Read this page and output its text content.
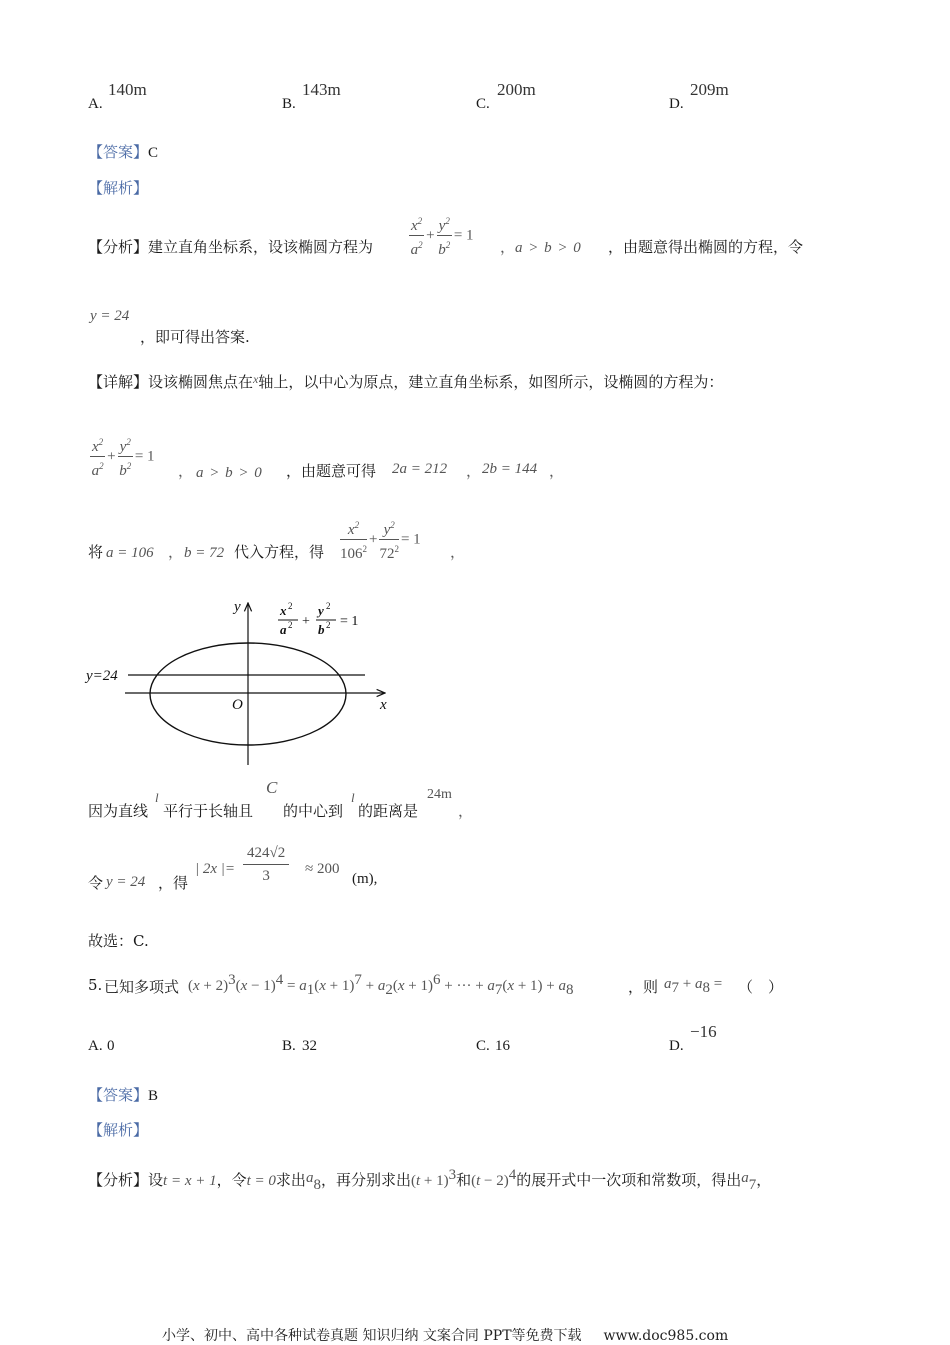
A.
140m
B.
143m
C.
200m
D.
209m
【答案】C
【解析】
【分析】建立直角坐标系，设该椭圆方程为 $\frac{x^2}{a^2} + \frac{y^2}{b^2} = 1$
， a > b > 0 ，由题意得出椭圆的方程，令
y = 24
，即可得出答案.
【详解】设该椭圆焦点在$^x$轴上，以中心为原点，建立直角坐标系，如图所示，设椭圆的方程为：
$\frac{x^2}{a^2} + \frac{y^2}{b^2} = 1$
， a > b > 0 ，由题意可得 2a = 212 ， 2b = 144 ，
将 a = 106 ， b = 72 代入方程，得 $\frac{x^2}{106^2} + \frac{y^2}{72^2} = 1$
，
y
x
O
y=24
x 2
a 2 +
y 2
b 2 = 1
因为直线
l
平行于长轴且
C
的中心到
l
的距离是
24m
，
令 y = 24 ，得
| 2x |= $\frac{424√2}{3} \approx 200$
(m),
故选：C.
5. 已知多项式 $(x + 2)^3(x - 1)^4 = a_1(x + 1)^7 + a_2(x + 1)^6$ + ··· + $a_7(x + 1) + a_8$	，则 $a_7 + a_8$ = （　）
A. 0	B. 32	C. 16	D.
−16
【答案】B
【解析】
【分析】设t = x + 1，令t = 0求出$a_8$，再分别求出$(t + 1)^3$和$(t - 2)^4$的展开式中一次项和常数项，得出$a_7$，
小学、初中、高中各种试卷真题 知识归纳 文案合同 PPT等免费下载 www.doc985.com
